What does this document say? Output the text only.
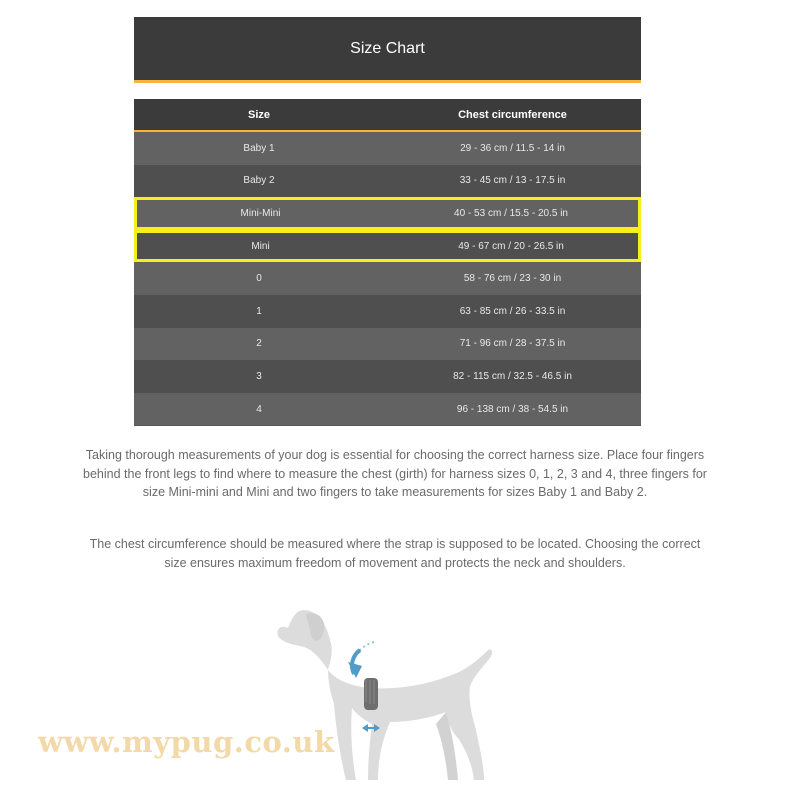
Size Chart
Size	Chest circumference
Baby 1	29 - 36 cm / 11.5 - 14 in
Baby 2	33 - 45 cm / 13 - 17.5 in
Mini-Mini	40 - 53 cm / 15.5 - 20.5 in
Mini	49 - 67 cm / 20 - 26.5 in
0	58 - 76 cm / 23 - 30 in
1	63 - 85 cm / 26 - 33.5 in
2	71 - 96 cm / 28 - 37.5 in
3	82 - 115 cm / 32.5 - 46.5 in
4	96 - 138 cm / 38 - 54.5 in
Taking thorough measurements of your dog is essential for choosing the correct harness size. Place four fingers behind the front legs to find where to measure the chest (girth) for harness sizes 0, 1, 2, 3 and 4, three fingers for size Mini-mini and Mini and two fingers to take measurements for sizes Baby 1 and Baby 2.
The chest circumference should be measured where the strap is supposed to be located. Choosing the correct size ensures maximum freedom of movement and protects the neck and shoulders.
www.mypug.co.uk
